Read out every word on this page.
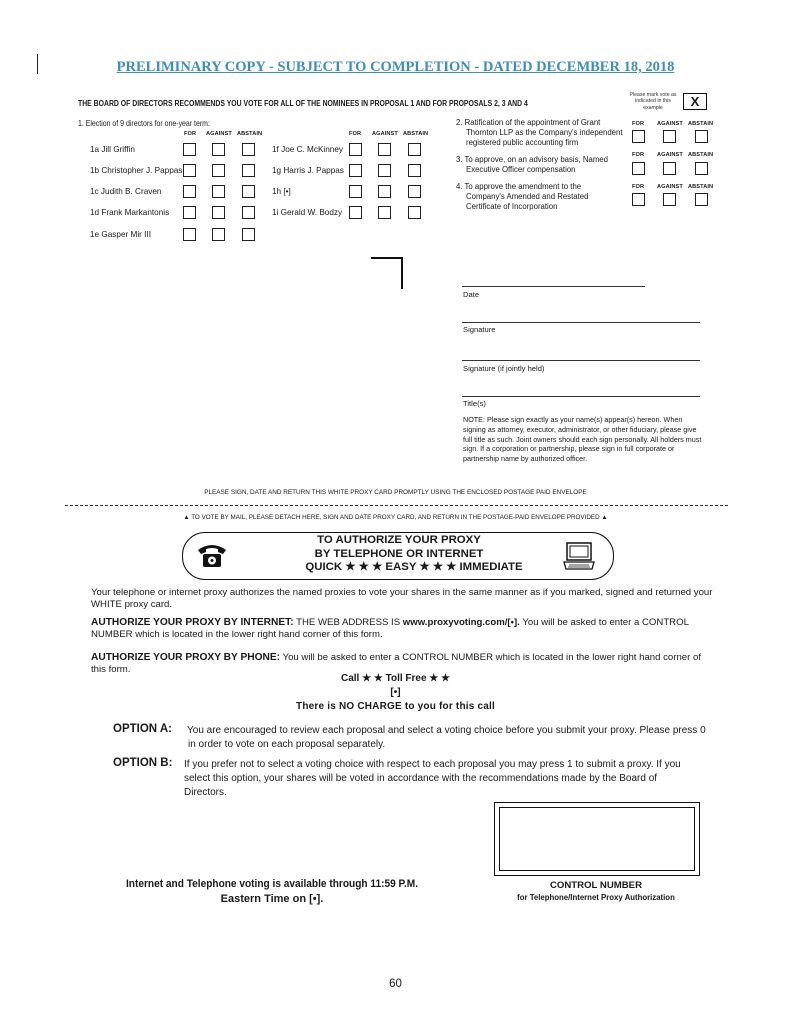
PRELIMINARY COPY - SUBJECT TO COMPLETION - DATED DECEMBER 18, 2018
THE BOARD OF DIRECTORS RECOMMENDS YOU VOTE FOR ALL OF THE NOMINEES IN PROPOSAL 1 AND FOR PROPOSALS 2, 3 AND 4
Please mark vote as
indicated in this
example	X
1. Election of 9 directors for one-year term:
FOR AGAINST ABSTAIN	FOR AGAINST ABSTAIN
1a Jill Griffin
1b Christopher J. Pappas
1c Judith B. Craven
1d Frank Markantonis
1e Gasper Mir III
1f Joe C. McKinney
1g Harris J. Pappas
1h [•]
1i Gerald W. Bodzy
2. Ratification of the appointment of Grant
Thornton LLP as the Company's independent
registered public accounting firm
FOR AGAINST ABSTAIN
3. To approve, on an advisory basis, Named
Executive Officer compensation
FOR AGAINST ABSTAIN
4. To approve the amendment to the
Company's Amended and Restated
Certificate of Incorporation
FOR AGAINST ABSTAIN
Date
Signature
Signature (if jointly held)
Title(s)
NOTE: Please sign exactly as your name(s) appear(s) hereon. When signing as attorney, executor, administrator, or other fiduciary, please give full title as such. Joint owners should each sign personally. All holders must sign. If a corporation or partnership, please sign in full corporate or partnership name by authorized officer.
PLEASE SIGN, DATE AND RETURN THIS WHITE PROXY CARD PROMPTLY USING THE ENCLOSED POSTAGE PAID ENVELOPE
▲ TO VOTE BY MAIL, PLEASE DETACH HERE, SIGN AND DATE PROXY CARD, AND RETURN IN THE POSTAGE-PAID ENVELOPE PROVIDED ▲
TO AUTHORIZE YOUR PROXY
BY TELEPHONE OR INTERNET
QUICK ★ ★ ★ EASY ★ ★ ★ IMMEDIATE
Your telephone or internet proxy authorizes the named proxies to vote your shares in the same manner as if you marked, signed and returned your WHITE proxy card.
AUTHORIZE YOUR PROXY BY INTERNET: THE WEB ADDRESS IS www.proxyvoting.com/[•]. You will be asked to enter a CONTROL NUMBER which is located in the lower right hand corner of this form.
AUTHORIZE YOUR PROXY BY PHONE: You will be asked to enter a CONTROL NUMBER which is located in the lower right hand corner of this form.
Call ★ ★ Toll Free ★ ★
[•]
There is NO CHARGE to you for this call
OPTION A: You are encouraged to review each proposal and select a voting choice before you submit your proxy. Please press 0 in order to vote on each proposal separately.
OPTION B: If you prefer not to select a voting choice with respect to each proposal you may press 1 to submit a proxy. If you select this option, your shares will be voted in accordance with the recommendations made by the Board of Directors.
CONTROL NUMBER
for Telephone/Internet Proxy Authorization
Internet and Telephone voting is available through 11:59 P.M.
Eastern Time on [•].
60
